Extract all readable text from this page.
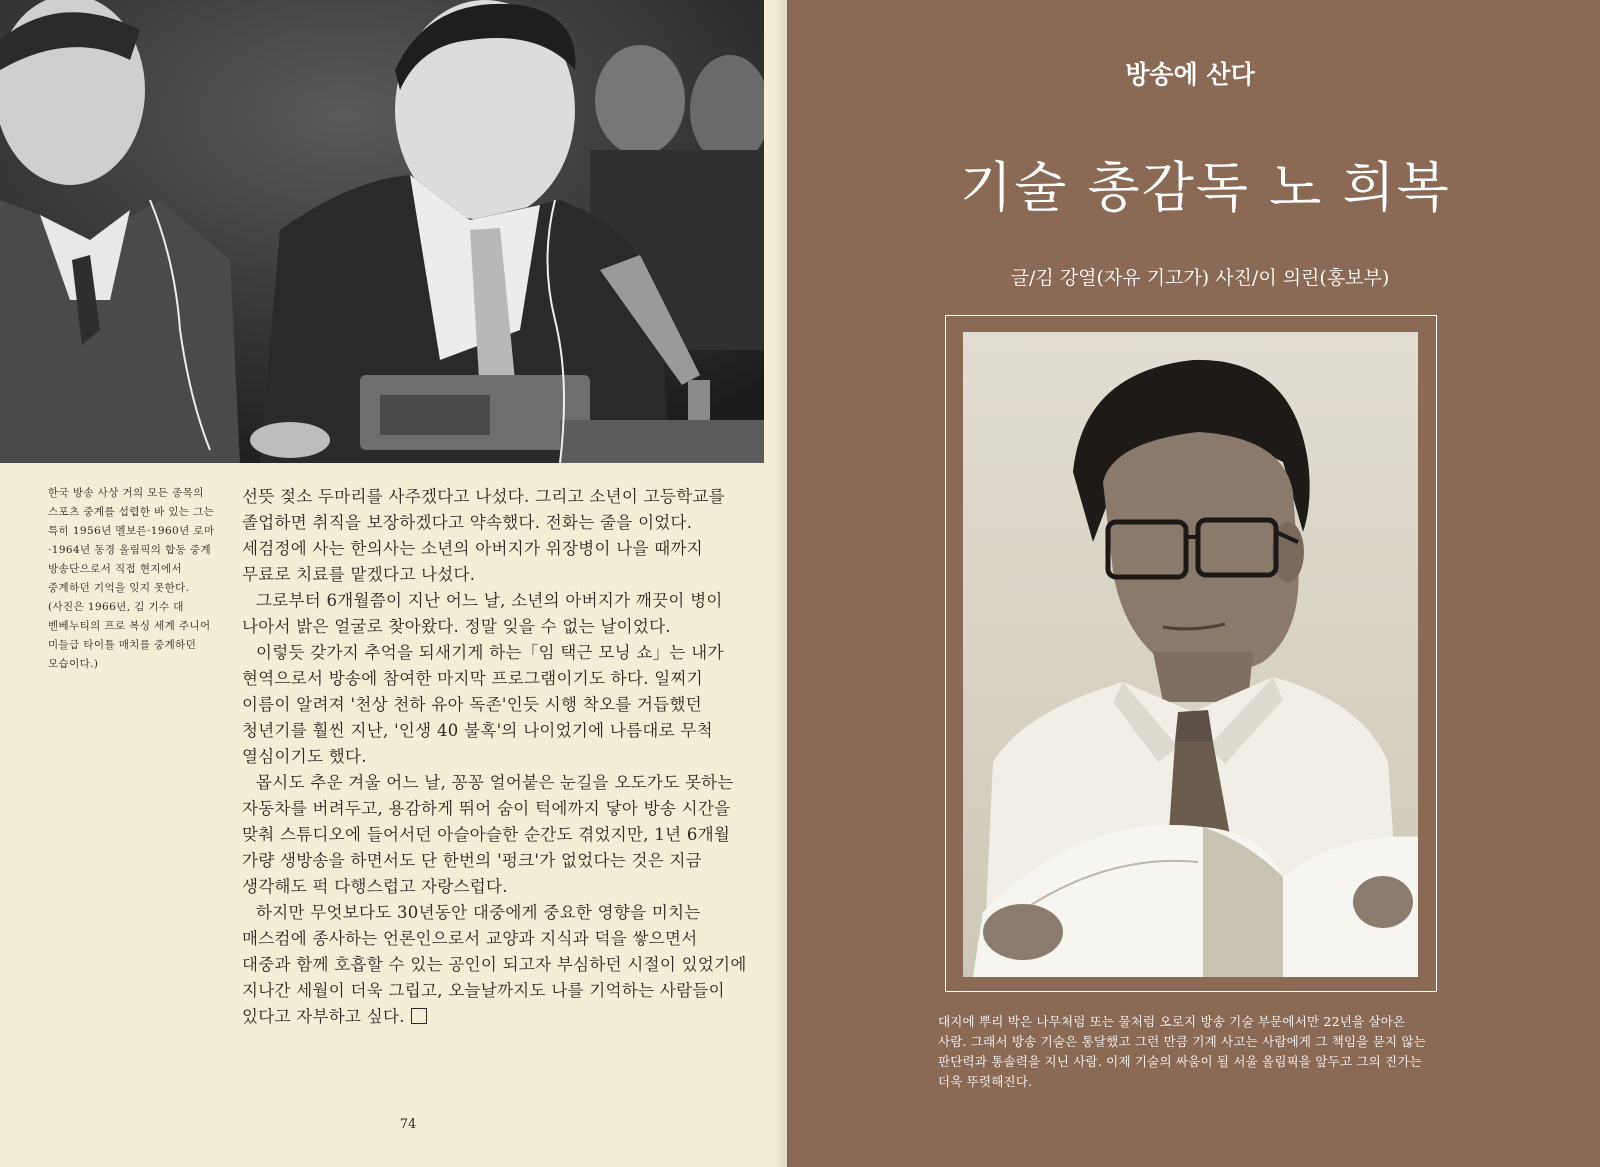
한국 방송 사상 거의 모든 종목의 스포츠 중계를 섭렵한 바 있는 그는 특히 1956년 멜보른·1960년 로마·1964년 동경 올림픽의 합동 중계 방송단으로서 직접 현지에서 중계하던 기억을 잊지 못한다. (사진은 1966년, 김 기수 대 벤베누티의 프로 복싱 세계 주니어 미들급 타이틀 매치를 중계하던 모습이다.)

선뜻 젖소 두마리를 사주겠다고 나섰다. 그리고 소년이 고등학교를 졸업하면 취직을 보장하겠다고 약속했다. 전화는 줄을 이었다. 세검정에 사는 한의사는 소년의 아버지가 위장병이 나을 때까지 무료로 치료를 맡겠다고 나섰다.

그로부터 6개월쯤이 지난 어느 날, 소년의 아버지가 깨끗이 병이 나아서 밝은 얼굴로 찾아왔다. 정말 잊을 수 없는 날이었다.

이렇듯 갖가지 추억을 되새기게 하는「임 택근 모닝 쇼」는 내가 현역으로서 방송에 참여한 마지막 프로그램이기도 하다. 일찌기 이름이 알려져 '천상 천하 유아 독존'인듯 시행 착오를 거듭했던 청년기를 훨씬 지난, '인생 40 불혹'의 나이었기에 나름대로 무척 열심이기도 했다.

몹시도 추운 겨울 어느 날, 꽁꽁 얼어붙은 눈길을 오도가도 못하는 자동차를 버려두고, 용감하게 뛰어 숨이 턱에까지 닿아 방송 시간을 맞춰 스튜디오에 들어서던 아슬아슬한 순간도 겪었지만, 1년 6개월 가량 생방송을 하면서도 단 한번의 '펑크'가 없었다는 것은 지금 생각해도 퍽 다행스럽고 자랑스럽다.

하지만 무엇보다도 30년동안 대중에게 중요한 영향을 미치는 매스컴에 종사하는 언론인으로서 교양과 지식과 덕을 쌓으면서 대중과 함께 호흡할 수 있는 공인이 되고자 부심하던 시절이 있었기에 지나간 세월이 더욱 그립고, 오늘날까지도 나를 기억하는 사람들이 있다고 자부하고 싶다.

74
방송에 산다
기술 총감독 노 희복
글/김 강열(자유 기고가) 사진/이 의린(홍보부)
대지에 뿌리 박은 나무처럼 또는 물처럼 오로지 방송 기술 부문에서만 22년을 살아온 사람. 그래서 방송 기술은 통달했고 그런 만큼 기계 사고는 사람에게 그 책임을 묻지 않는 판단력과 통솔력을 지닌 사람. 이제 기술의 싸움이 될 서울 올림픽을 앞두고 그의 진가는 더욱 뚜렷해진다.
